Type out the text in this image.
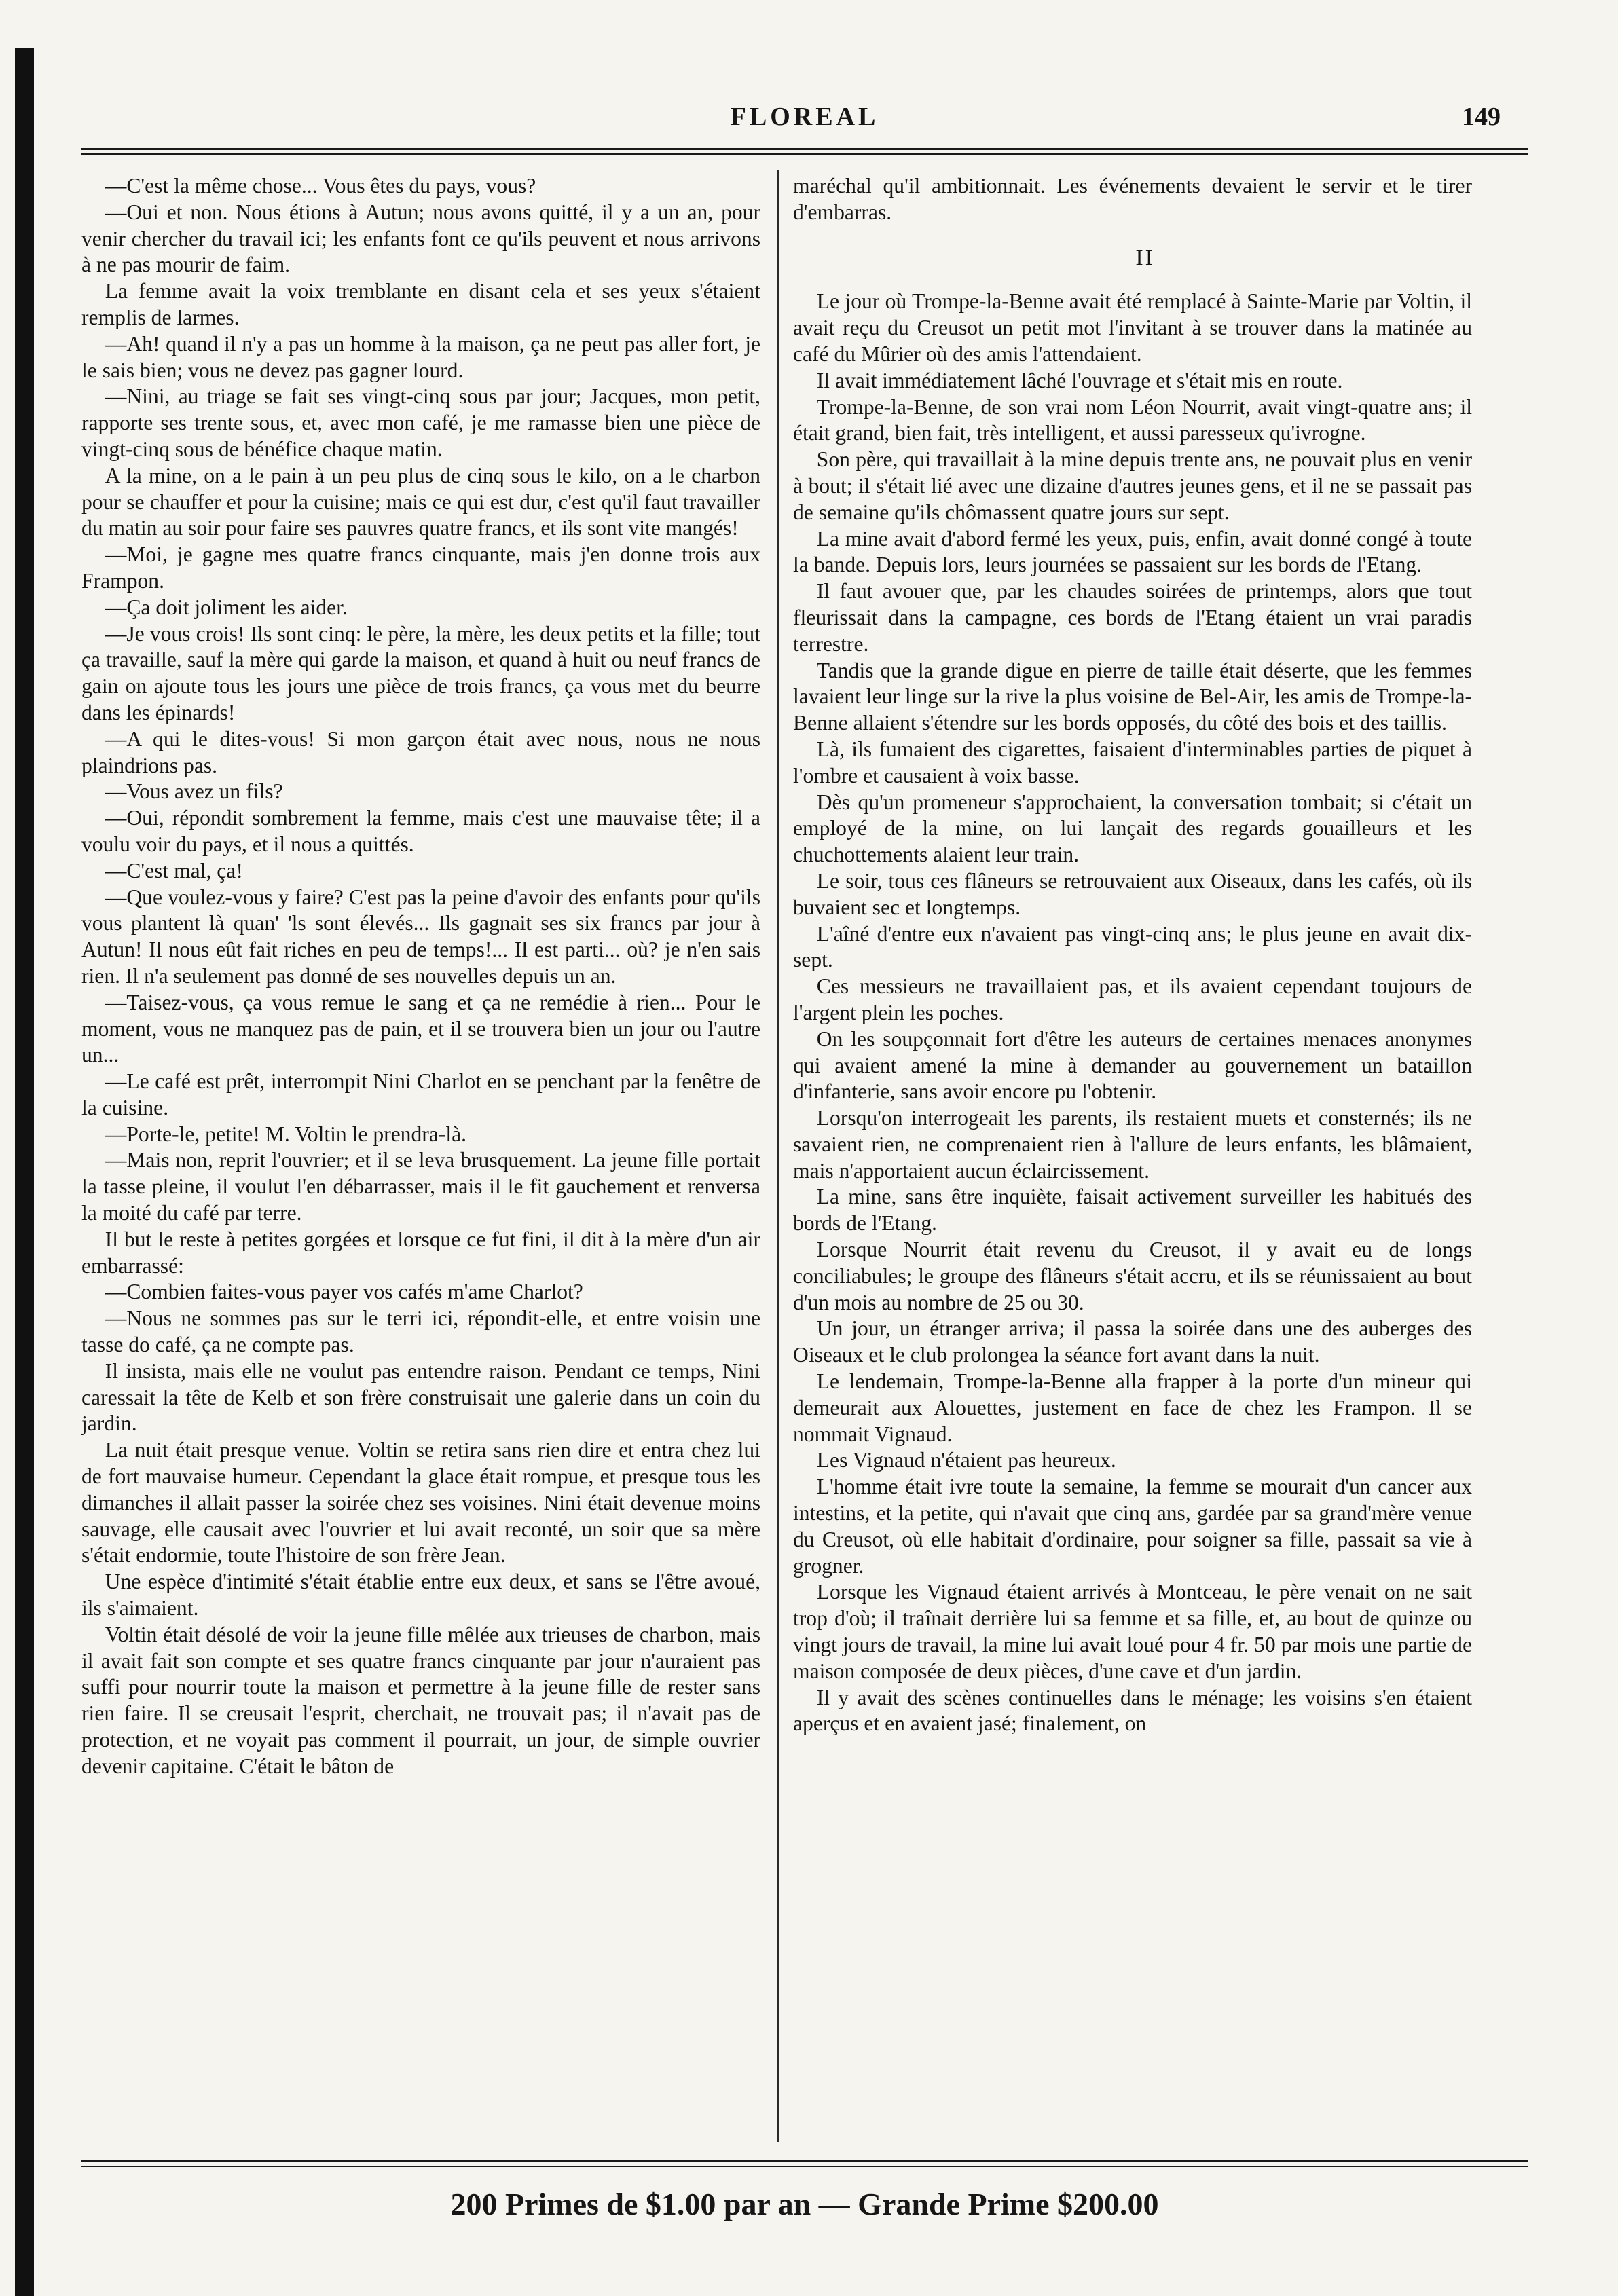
FLOREAL	149

—C'est la même chose... Vous êtes du pays, vous?

—Oui et non. Nous étions à Autun; nous avons quitté, il y a un an, pour venir chercher du travail ici; les enfants font ce qu'ils peuvent et nous arrivons à ne pas mourir de faim.

La femme avait la voix tremblante en disant cela et ses yeux s'étaient remplis de larmes.

—Ah! quand il n'y a pas un homme à la maison, ça ne peut pas aller fort, je le sais bien; vous ne devez pas gagner lourd.

—Nini, au triage se fait ses vingt-cinq sous par jour; Jacques, mon petit, rapporte ses trente sous, et, avec mon café, je me ramasse bien une pièce de vingt-cinq sous de bénéfice chaque matin.

A la mine, on a le pain à un peu plus de cinq sous le kilo, on a le charbon pour se chauffer et pour la cuisine; mais ce qui est dur, c'est qu'il faut travailler du matin au soir pour faire ses pauvres quatre francs, et ils sont vite mangés!

—Moi, je gagne mes quatre francs cinquante, mais j'en donne trois aux Frampon.

—Ça doit joliment les aider.

—Je vous crois! Ils sont cinq: le père, la mère, les deux petits et la fille; tout ça travaille, sauf la mère qui garde la maison, et quand à huit ou neuf francs de gain on ajoute tous les jours une pièce de trois francs, ça vous met du beurre dans les épinards!

—A qui le dites-vous! Si mon garçon était avec nous, nous ne nous plaindrions pas.

—Vous avez un fils?

—Oui, répondit sombrement la femme, mais c'est une mauvaise tête; il a voulu voir du pays, et il nous a quittés.

—C'est mal, ça!

—Que voulez-vous y faire? C'est pas la peine d'avoir des enfants pour qu'ils vous plantent là quan' 'ls sont élevés... Ils gagnait ses six francs par jour à Autun! Il nous eût fait riches en peu de temps!... Il est parti... où? je n'en sais rien. Il n'a seulement pas donné de ses nouvelles depuis un an.

—Taisez-vous, ça vous remue le sang et ça ne remédie à rien... Pour le moment, vous ne manquez pas de pain, et il se trouvera bien un jour ou l'autre un...

—Le café est prêt, interrompit Nini Charlot en se penchant par la fenêtre de la cuisine.

—Porte-le, petite! M. Voltin le prendra-là.

—Mais non, reprit l'ouvrier; et il se leva brusquement. La jeune fille portait la tasse pleine, il voulut l'en débarrasser, mais il le fit gauchement et renversa la moité du café par terre.

Il but le reste à petites gorgées et lorsque ce fut fini, il dit à la mère d'un air embarrassé:

—Combien faites-vous payer vos cafés m'ame Charlot?

—Nous ne sommes pas sur le terri ici, répondit-elle, et entre voisin une tasse do café, ça ne compte pas.

Il insista, mais elle ne voulut pas entendre raison. Pendant ce temps, Nini caressait la tête de Kelb et son frère construisait une galerie dans un coin du jardin.

La nuit était presque venue. Voltin se retira sans rien dire et entra chez lui de fort mauvaise humeur. Cependant la glace était rompue, et presque tous les dimanches il allait passer la soirée chez ses voisines. Nini était devenue moins sauvage, elle causait avec l'ouvrier et lui avait reconté, un soir que sa mère s'était endormie, toute l'histoire de son frère Jean.

Une espèce d'intimité s'était établie entre eux deux, et sans se l'être avoué, ils s'aimaient.

Voltin était désolé de voir la jeune fille mêlée aux trieuses de charbon, mais il avait fait son compte et ses quatre francs cinquante par jour n'auraient pas suffi pour nourrir toute la maison et permettre à la jeune fille de rester sans rien faire. Il se creusait l'esprit, cherchait, ne trouvait pas; il n'avait pas de protection, et ne voyait pas comment il pourrait, un jour, de simple ouvrier devenir capitaine. C'était le bâton de

maréchal qu'il ambitionnait. Les événements devaient le servir et le tirer d'embarras.

II

Le jour où Trompe-la-Benne avait été remplacé à Sainte-Marie par Voltin, il avait reçu du Creusot un petit mot l'invitant à se trouver dans la matinée au café du Mûrier où des amis l'attendaient.

Il avait immédiatement lâché l'ouvrage et s'était mis en route.

Trompe-la-Benne, de son vrai nom Léon Nourrit, avait vingt-quatre ans; il était grand, bien fait, très intelligent, et aussi paresseux qu'ivrogne.

Son père, qui travaillait à la mine depuis trente ans, ne pouvait plus en venir à bout; il s'était lié avec une dizaine d'autres jeunes gens, et il ne se passait pas de semaine qu'ils chômassent quatre jours sur sept.

La mine avait d'abord fermé les yeux, puis, enfin, avait donné congé à toute la bande. Depuis lors, leurs journées se passaient sur les bords de l'Etang.

Il faut avouer que, par les chaudes soirées de printemps, alors que tout fleurissait dans la campagne, ces bords de l'Etang étaient un vrai paradis terrestre.

Tandis que la grande digue en pierre de taille était déserte, que les femmes lavaient leur linge sur la rive la plus voisine de Bel-Air, les amis de Trompe-la-Benne allaient s'étendre sur les bords opposés, du côté des bois et des taillis.

Là, ils fumaient des cigarettes, faisaient d'interminables parties de piquet à l'ombre et causaient à voix basse.

Dès qu'un promeneur s'approchaient, la conversation tombait; si c'était un employé de la mine, on lui lançait des regards gouailleurs et les chuchottements alaient leur train.

Le soir, tous ces flâneurs se retrouvaient aux Oiseaux, dans les cafés, où ils buvaient sec et longtemps.

L'aîné d'entre eux n'avaient pas vingt-cinq ans; le plus jeune en avait dix-sept.

Ces messieurs ne travaillaient pas, et ils avaient cependant toujours de l'argent plein les poches.

On les soupçonnait fort d'être les auteurs de certaines menaces anonymes qui avaient amené la mine à demander au gouvernement un bataillon d'infanterie, sans avoir encore pu l'obtenir.

Lorsqu'on interrogeait les parents, ils restaient muets et consternés; ils ne savaient rien, ne comprenaient rien à l'allure de leurs enfants, les blâmaient, mais n'apportaient aucun éclaircissement.

La mine, sans être inquiète, faisait activement surveiller les habitués des bords de l'Etang.

Lorsque Nourrit était revenu du Creusot, il y avait eu de longs conciliabules; le groupe des flâneurs s'était accru, et ils se réunissaient au bout d'un mois au nombre de 25 ou 30.

Un jour, un étranger arriva; il passa la soirée dans une des auberges des Oiseaux et le club prolongea la séance fort avant dans la nuit.

Le lendemain, Trompe-la-Benne alla frapper à la porte d'un mineur qui demeurait aux Alouettes, justement en face de chez les Frampon. Il se nommait Vignaud.

Les Vignaud n'étaient pas heureux.

L'homme était ivre toute la semaine, la femme se mourait d'un cancer aux intestins, et la petite, qui n'avait que cinq ans, gardée par sa grand'mère venue du Creusot, où elle habitait d'ordinaire, pour soigner sa fille, passait sa vie à grogner.

Lorsque les Vignaud étaient arrivés à Montceau, le père venait on ne sait trop d'où; il traînait derrière lui sa femme et sa fille, et, au bout de quinze ou vingt jours de travail, la mine lui avait loué pour 4 fr. 50 par mois une partie de maison composée de deux pièces, d'une cave et d'un jardin.

Il y avait des scènes continuelles dans le ménage; les voisins s'en étaient aperçus et en avaient jasé; finalement, on

200 Primes de $1.00 par an — Grande Prime $200.00
